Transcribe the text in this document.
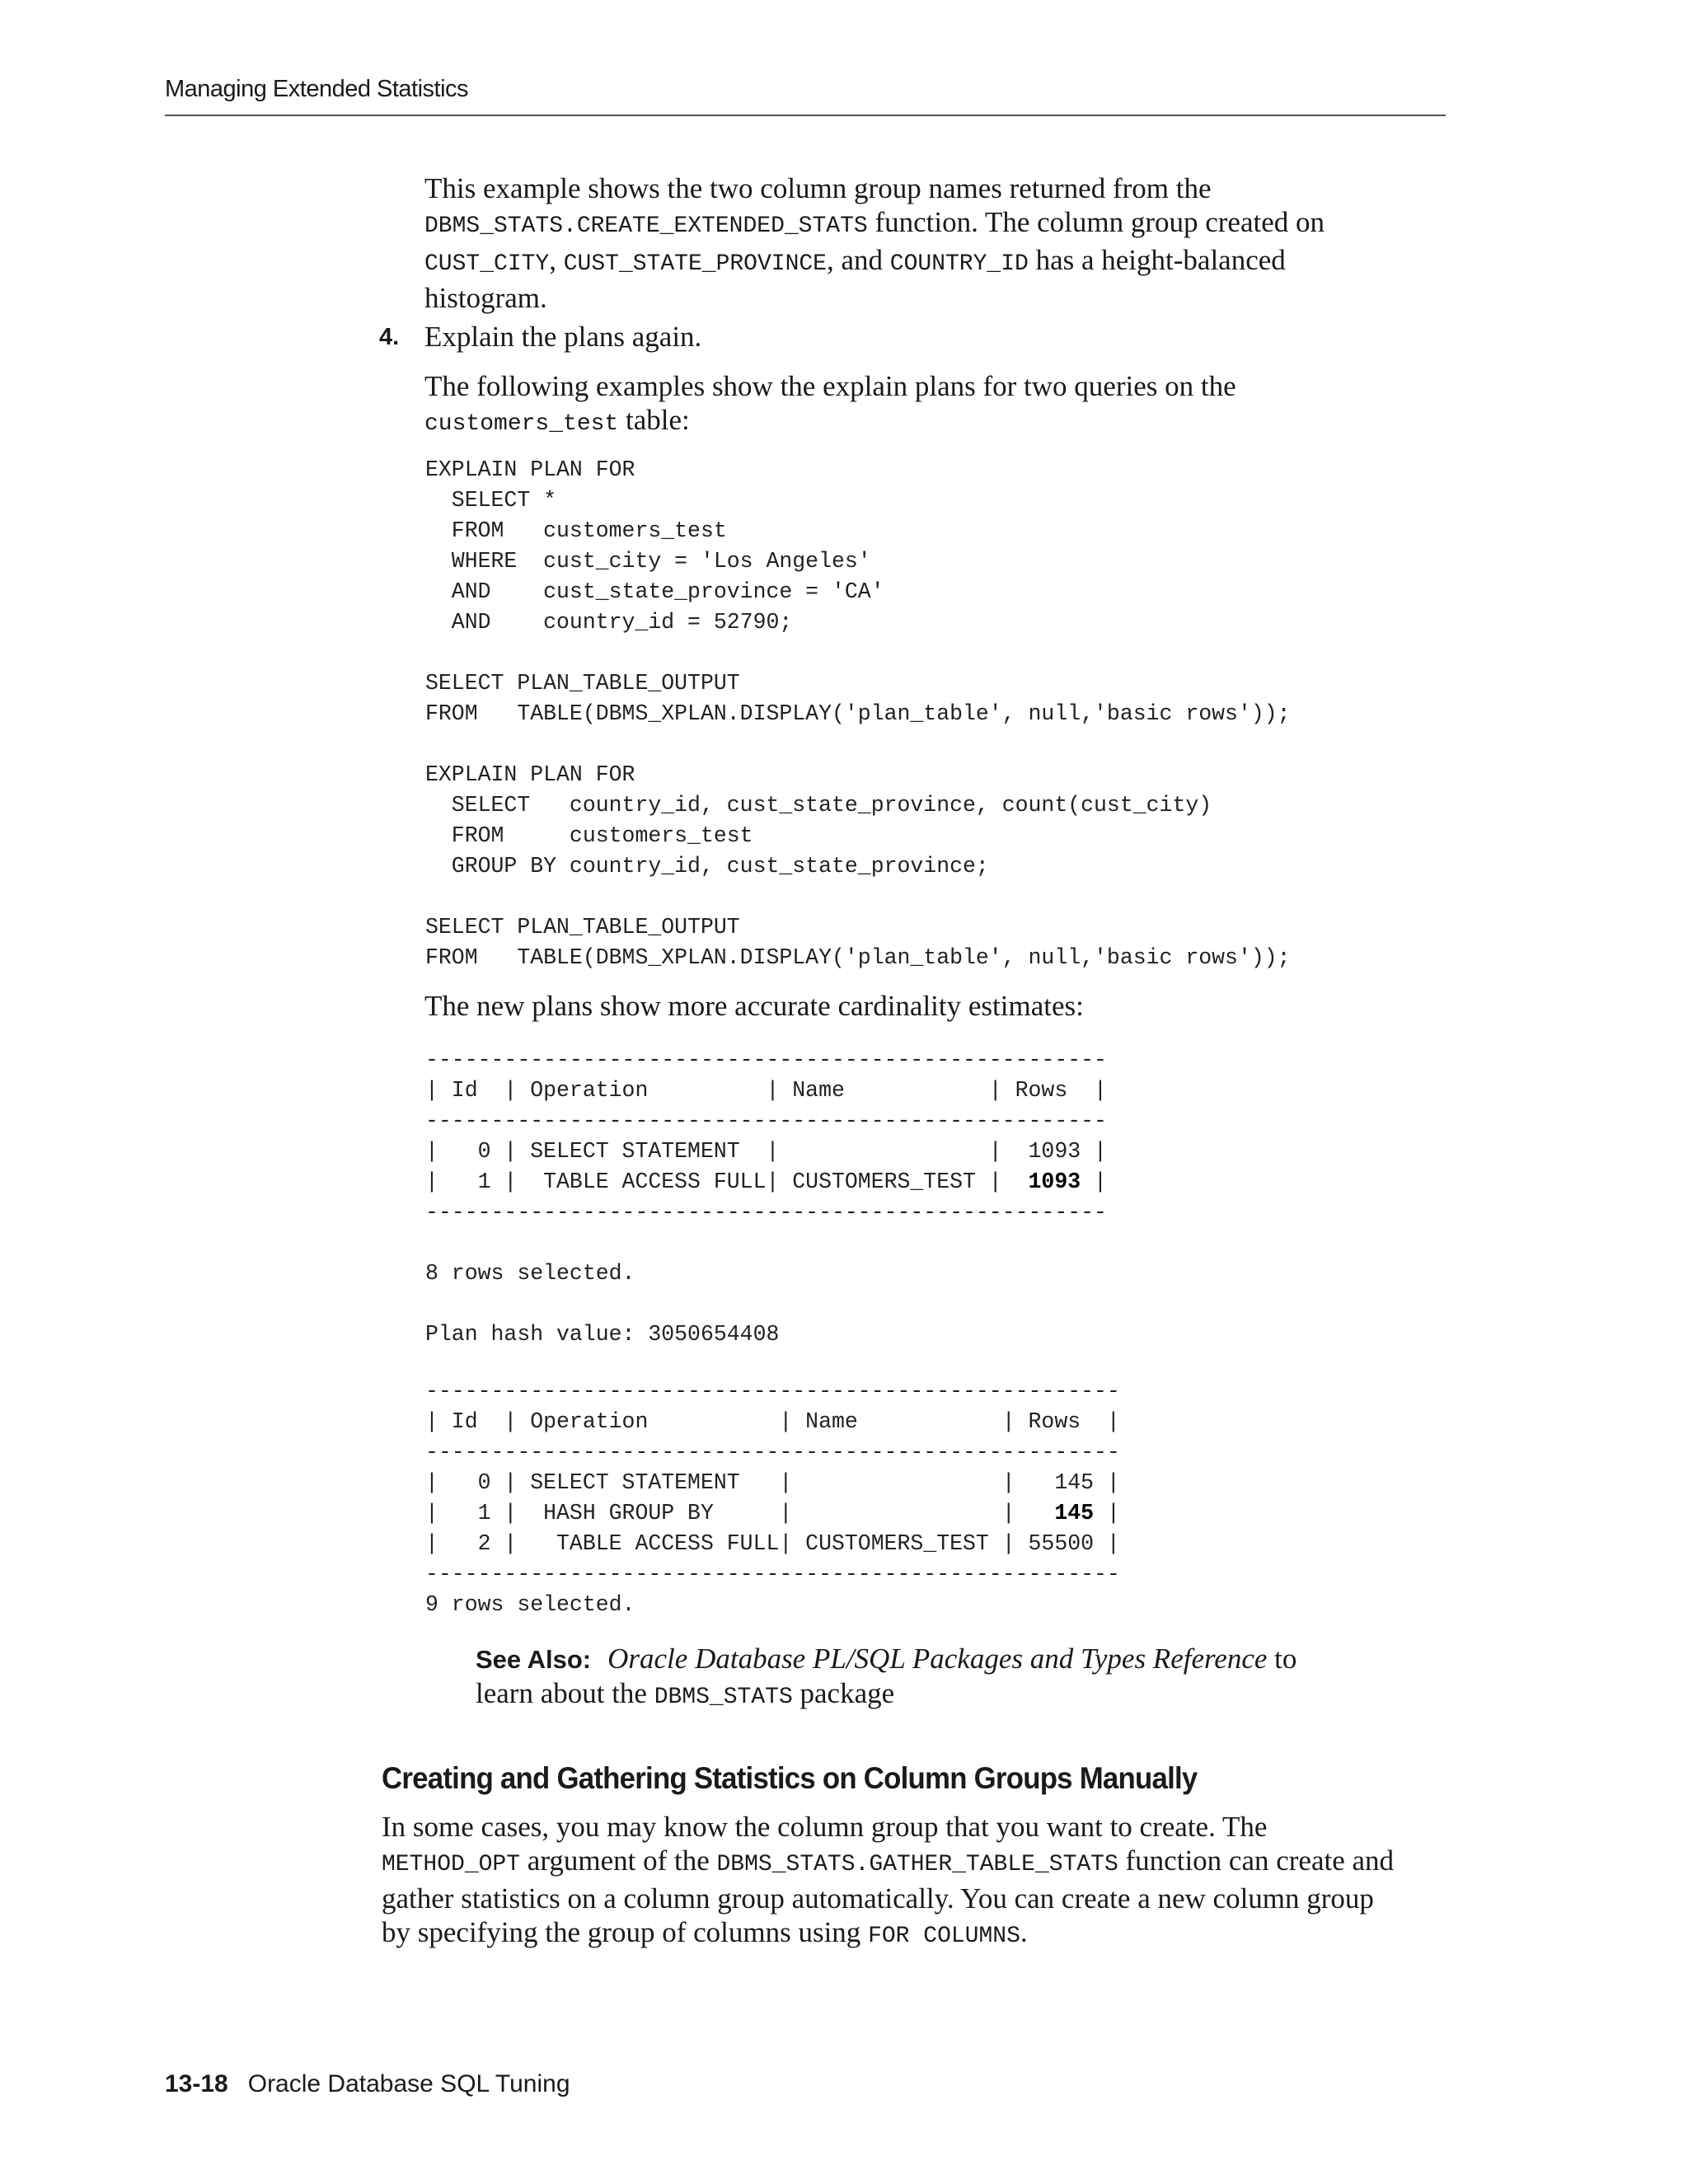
Managing Extended Statistics

This example shows the two column group names returned from the
DBMS_STATS.CREATE_EXTENDED_STATS function. The column group created on
CUST_CITY, CUST_STATE_PROVINCE, and COUNTRY_ID has a height-balanced
histogram.

4. Explain the plans again.

The following examples show the explain plans for two queries on the
customers_test table:

EXPLAIN PLAN FOR
SELECT *
FROM   customers_test
WHERE  cust_city = 'Los Angeles'
AND    cust_state_province = 'CA'
AND    country_id = 52790;

SELECT PLAN_TABLE_OUTPUT
FROM   TABLE(DBMS_XPLAN.DISPLAY('plan_table', null,'basic rows'));

EXPLAIN PLAN FOR
SELECT   country_id, cust_state_province, count(cust_city)
FROM     customers_test
GROUP BY country_id, cust_state_province;

SELECT PLAN_TABLE_OUTPUT
FROM   TABLE(DBMS_XPLAN.DISPLAY('plan_table', null,'basic rows'));

The new plans show more accurate cardinality estimates:

----------------------------------------------------
| Id  | Operation         | Name           | Rows  |
----------------------------------------------------
|   0 | SELECT STATEMENT  |                |  1093 |
|   1 |  TABLE ACCESS FULL| CUSTOMERS_TEST |  1093 |
----------------------------------------------------

8 rows selected.

Plan hash value: 3050654408

-----------------------------------------------------
| Id  | Operation          | Name           | Rows  |
-----------------------------------------------------
|   0 | SELECT STATEMENT   |                |   145 |
|   1 |  HASH GROUP BY     |                |   145 |
|   2 |   TABLE ACCESS FULL| CUSTOMERS_TEST | 55500 |
-----------------------------------------------------
9 rows selected.

See Also: Oracle Database PL/SQL Packages and Types Reference to
learn about the DBMS_STATS package

Creating and Gathering Statistics on Column Groups Manually

In some cases, you may know the column group that you want to create. The
METHOD_OPT argument of the DBMS_STATS.GATHER_TABLE_STATS function can create and
gather statistics on a column group automatically. You can create a new column group
by specifying the group of columns using FOR COLUMNS.

13-18 Oracle Database SQL Tuning
